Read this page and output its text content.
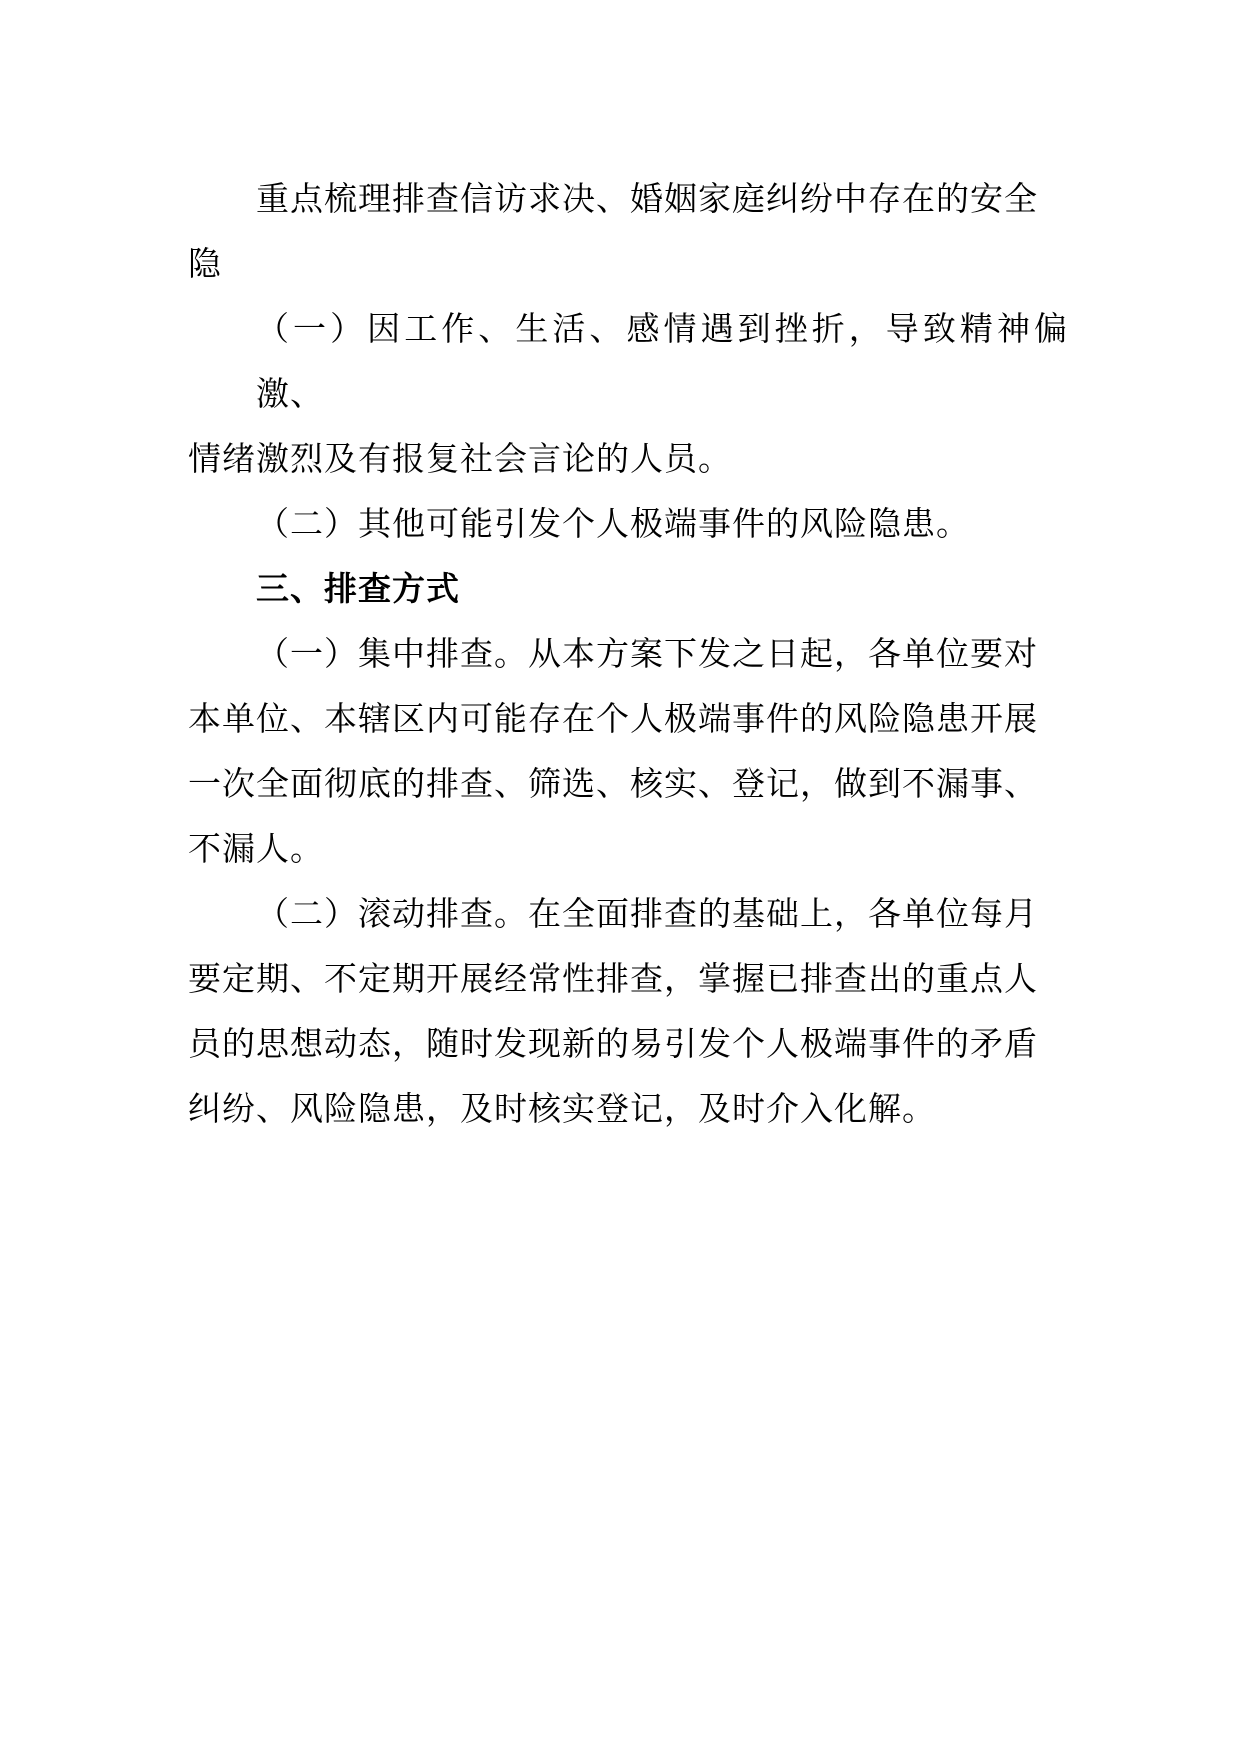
重点梳理排查信访求决、婚姻家庭纠纷中存在的安全
隐
（一）因工作、生活、感情遇到挫折，导致精神偏激、
情绪激烈及有报复社会言论的人员。
（二）其他可能引发个人极端事件的风险隐患。
三、排查方式
（一）集中排查。从本方案下发之日起，各单位要对
本单位、本辖区内可能存在个人极端事件的风险隐患开展
一次全面彻底的排查、筛选、核实、登记，做到不漏事、
不漏人。
（二）滚动排查。在全面排查的基础上，各单位每月
要定期、不定期开展经常性排查，掌握已排查出的重点人
员的思想动态，随时发现新的易引发个人极端事件的矛盾
纠纷、风险隐患，及时核实登记，及时介入化解。
